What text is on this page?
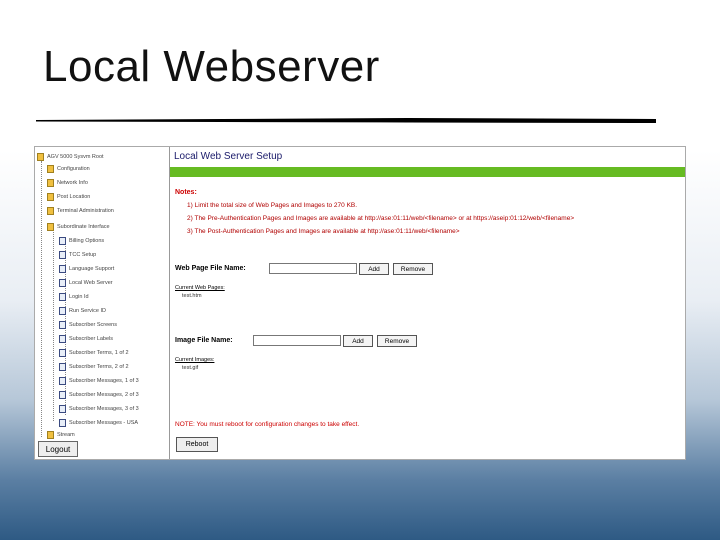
Local Webserver
AGV 5000 Sysvm Root
Configuration
Network Info
Post Location
Terminal Administration
Subordinate Interface
Billing Options
TCC Setup
Language Support
Local Web Server
Login Id
Run Service ID
Subscriber Screens
Subscriber Labels
Subscriber Terms, 1 of 2
Subscriber Terms, 2 of 2
Subscriber Messages, 1 of 3
Subscriber Messages, 2 of 3
Subscriber Messages, 3 of 3
Subscriber Messages - USA
Stream
Logout
Local Web Server Setup
Notes:
1) Limit the total size of Web Pages and Images to 270 KB.
2) The Pre-Authentication Pages and Images are available at http://ase:01:11/web/<filename> or at https://aseip:01:12/web/<filename>
3) The Post-Authentication Pages and Images are available at http://ase:01:11/web/<filename>
Web Page File Name:	Add	Remove
Current Web Pages:
test.htm
Image File Name:	Add	Remove
Current Images:
test.gif
NOTE: You must reboot for configuration changes to take effect.
Reboot
